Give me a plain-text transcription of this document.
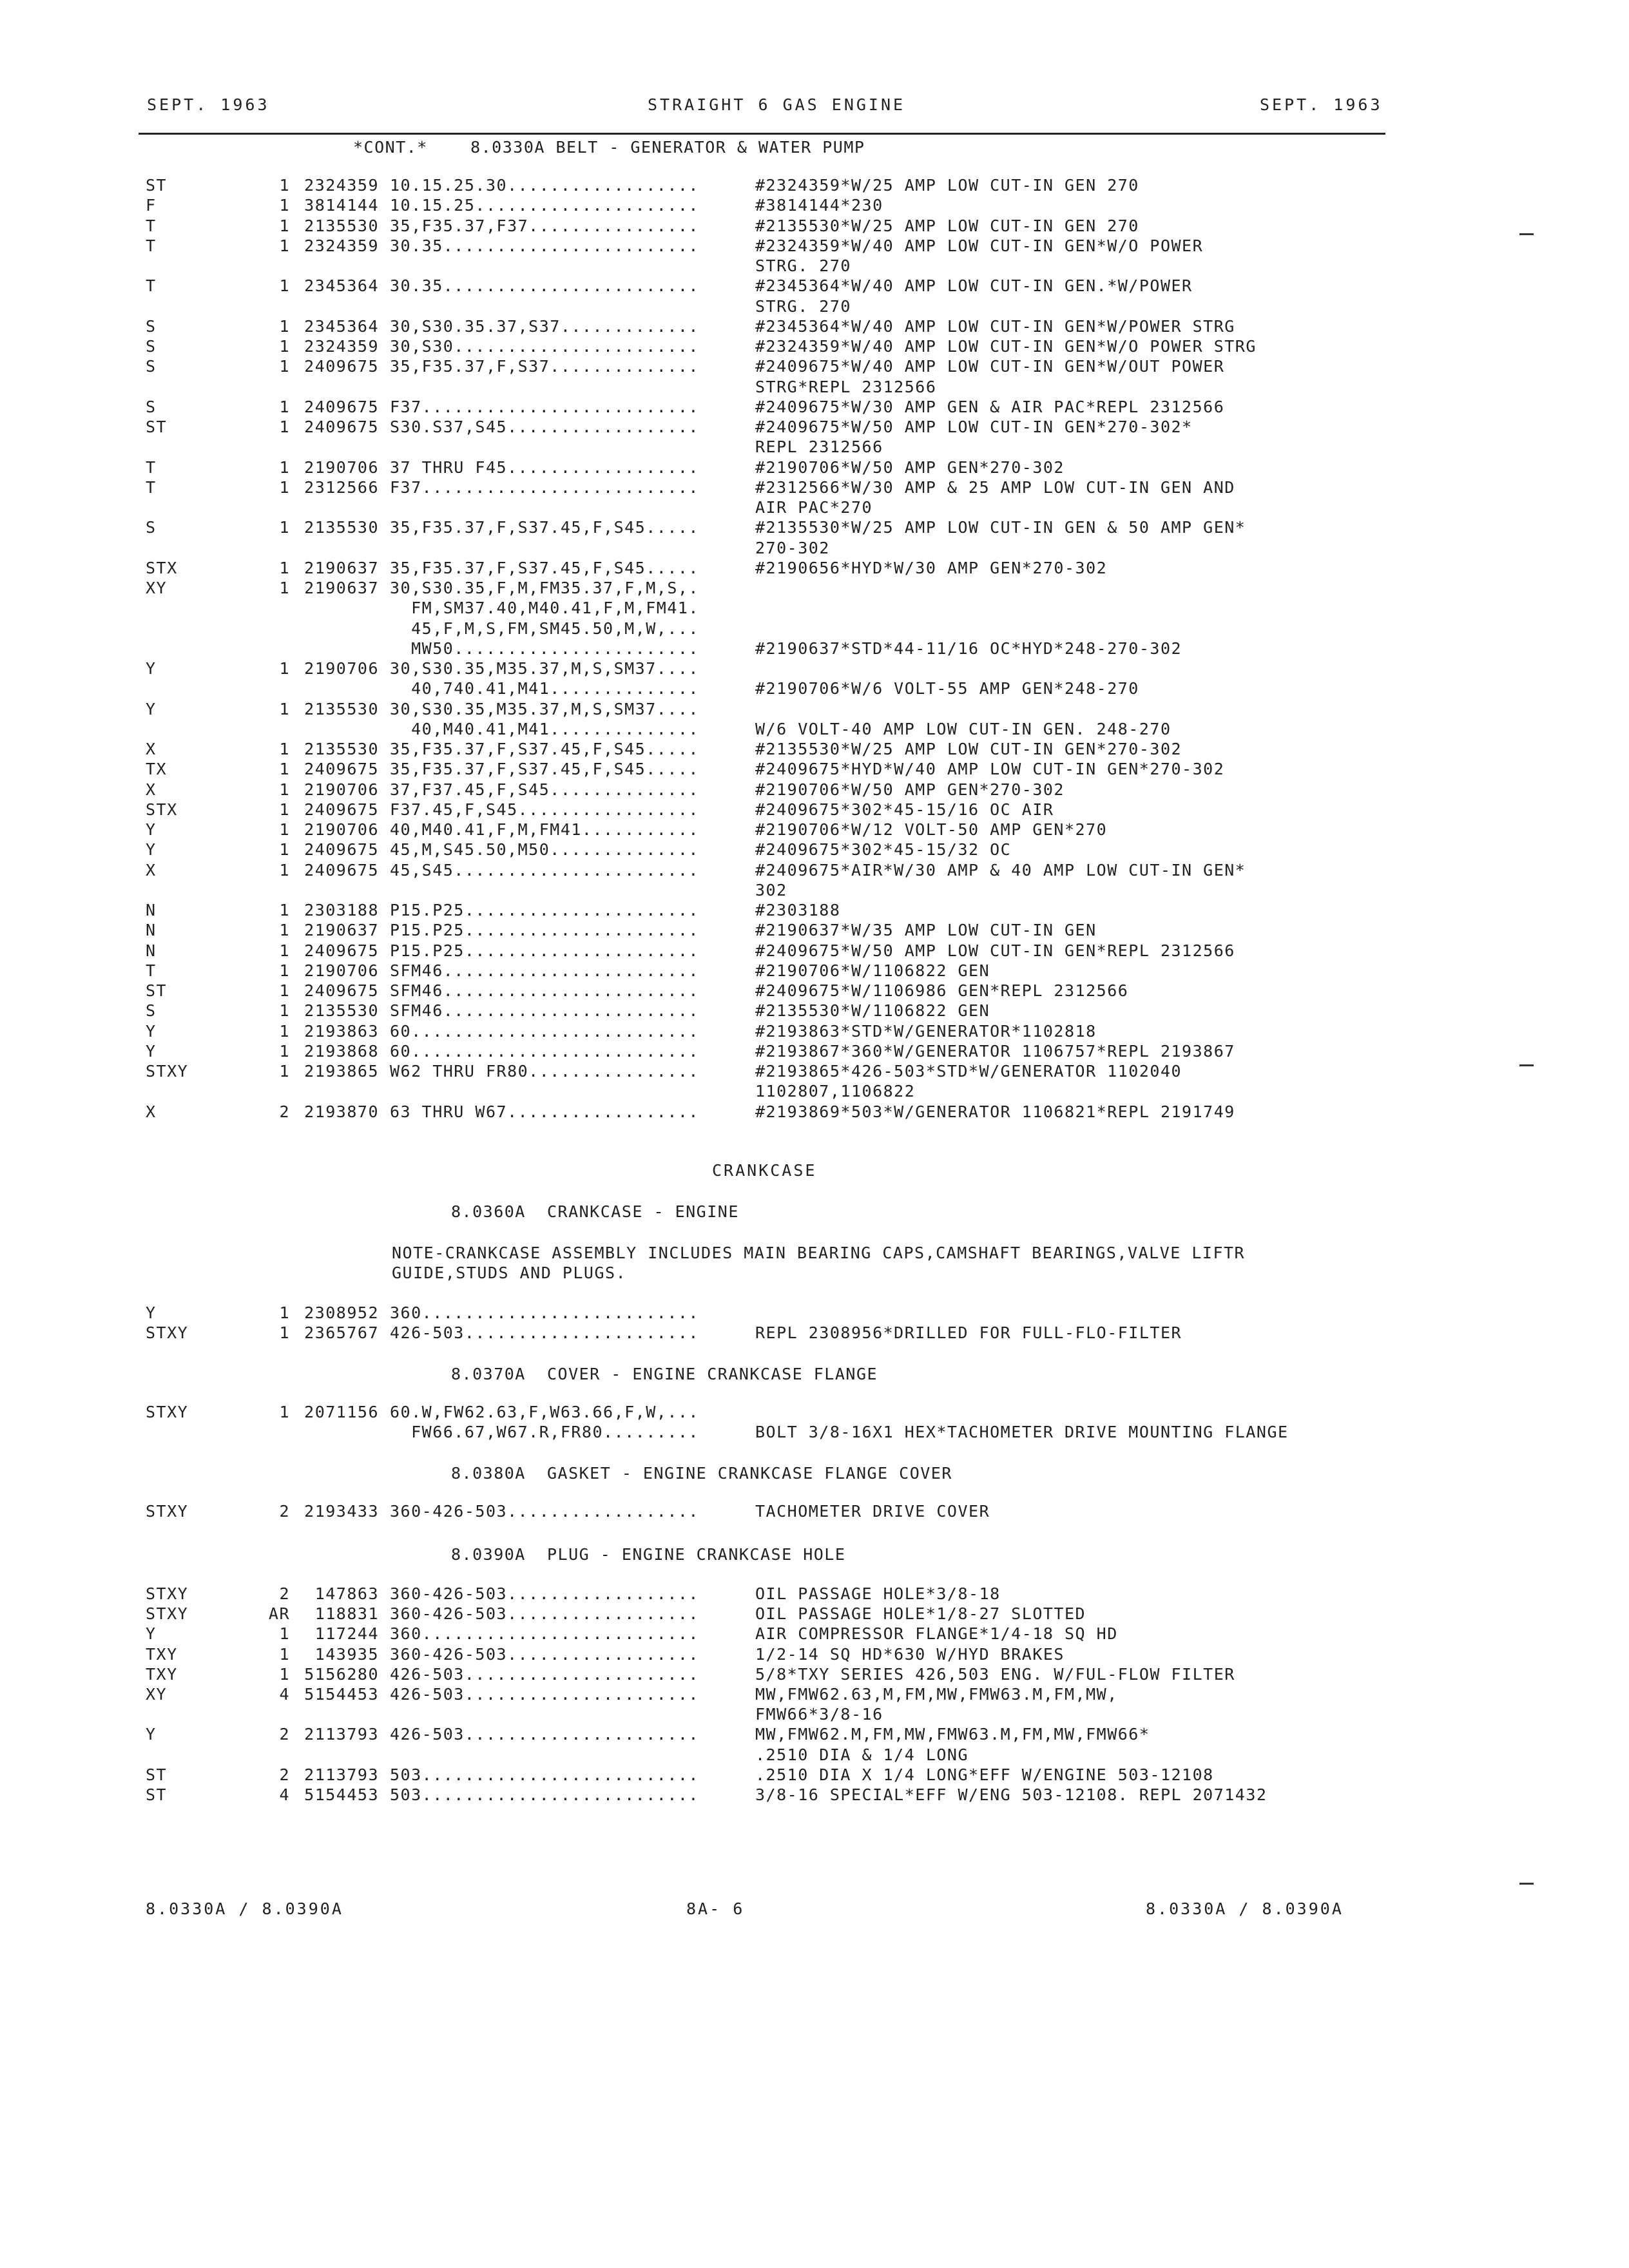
SEPT. 1963	STRAIGHT 6 GAS ENGINE	SEPT. 1963
*CONT.*    8.0330A BELT - GENERATOR & WATER PUMP
ST	1 2324359 10.15.25.30..................	#2324359*W/25 AMP LOW CUT-IN GEN 270
F	1 3814144 10.15.25.....................	#3814144*230
T	1 2135530 35,F35.37,F37................	#2135530*W/25 AMP LOW CUT-IN GEN 270
T	1 2324359 30.35........................	#2324359*W/40 AMP LOW CUT-IN GEN*W/O POWER
STRG. 270
T	1 2345364 30.35........................	#2345364*W/40 AMP LOW CUT-IN GEN.*W/POWER
STRG. 270
S	1 2345364 30,S30.35.37,S37.............	#2345364*W/40 AMP LOW CUT-IN GEN*W/POWER STRG
S	1 2324359 30,S30.......................	#2324359*W/40 AMP LOW CUT-IN GEN*W/O POWER STRG
S	1 2409675 35,F35.37,F,S37..............	#2409675*W/40 AMP LOW CUT-IN GEN*W/OUT POWER
STRG*REPL 2312566
S	1 2409675 F37..........................	#2409675*W/30 AMP GEN & AIR PAC*REPL 2312566
ST	1 2409675 S30.S37,S45..................	#2409675*W/50 AMP LOW CUT-IN GEN*270-302*
REPL 2312566
T	1 2190706 37 THRU F45..................	#2190706*W/50 AMP GEN*270-302
T	1 2312566 F37..........................	#2312566*W/30 AMP & 25 AMP LOW CUT-IN GEN AND
AIR PAC*270
S	1 2135530 35,F35.37,F,S37.45,F,S45.....	#2135530*W/25 AMP LOW CUT-IN GEN & 50 AMP GEN*
270-302
STX	1 2190637 35,F35.37,F,S37.45,F,S45.....	#2190656*HYD*W/30 AMP GEN*270-302
XY	1 2190637 30,S30.35,F,M,FM35.37,F,M,S,.
FM,SM37.40,M40.41,F,M,FM41.
45,F,M,S,FM,SM45.50,M,W,...
MW50.......................	#2190637*STD*44-11/16 OC*HYD*248-270-302
Y	1 2190706 30,S30.35,M35.37,M,S,SM37....
40,740.41,M41..............	#2190706*W/6 VOLT-55 AMP GEN*248-270
Y	1 2135530 30,S30.35,M35.37,M,S,SM37....
40,M40.41,M41..............	W/6 VOLT-40 AMP LOW CUT-IN GEN. 248-270
X	1 2135530 35,F35.37,F,S37.45,F,S45.....	#2135530*W/25 AMP LOW CUT-IN GEN*270-302
TX	1 2409675 35,F35.37,F,S37.45,F,S45.....	#2409675*HYD*W/40 AMP LOW CUT-IN GEN*270-302
X	1 2190706 37,F37.45,F,S45..............	#2190706*W/50 AMP GEN*270-302
STX	1 2409675 F37.45,F,S45.................	#2409675*302*45-15/16 OC AIR
Y	1 2190706 40,M40.41,F,M,FM41...........	#2190706*W/12 VOLT-50 AMP GEN*270
Y	1 2409675 45,M,S45.50,M50..............	#2409675*302*45-15/32 OC
X	1 2409675 45,S45.......................	#2409675*AIR*W/30 AMP & 40 AMP LOW CUT-IN GEN*
302
N	1 2303188 P15.P25......................	#2303188
N	1 2190637 P15.P25......................	#2190637*W/35 AMP LOW CUT-IN GEN
N	1 2409675 P15.P25......................	#2409675*W/50 AMP LOW CUT-IN GEN*REPL 2312566
T	1 2190706 SFM46........................	#2190706*W/1106822 GEN
ST	1 2409675 SFM46........................	#2409675*W/1106986 GEN*REPL 2312566
S	1 2135530 SFM46........................	#2135530*W/1106822 GEN
Y	1 2193863 60...........................	#2193863*STD*W/GENERATOR*1102818
Y	1 2193868 60...........................	#2193867*360*W/GENERATOR 1106757*REPL 2193867
STXY	1 2193865 W62 THRU FR80................	#2193865*426-503*STD*W/GENERATOR 1102040
1102807,1106822
X	2 2193870 63 THRU W67..................	#2193869*503*W/GENERATOR 1106821*REPL 2191749
CRANKCASE
8.0360A  CRANKCASE - ENGINE
NOTE-CRANKCASE ASSEMBLY INCLUDES MAIN BEARING CAPS,CAMSHAFT BEARINGS,VALVE LIFTR
GUIDE,STUDS AND PLUGS.
Y	1 2308952 360..........................
STXY	1 2365767 426-503......................	REPL 2308956*DRILLED FOR FULL-FLO-FILTER
8.0370A  COVER - ENGINE CRANKCASE FLANGE
STXY	1 2071156 60.W,FW62.63,F,W63.66,F,W,...
FW66.67,W67.R,FR80.........	BOLT 3/8-16X1 HEX*TACHOMETER DRIVE MOUNTING FLANGE
8.0380A  GASKET - ENGINE CRANKCASE FLANGE COVER
STXY	2 2193433 360-426-503..................	TACHOMETER DRIVE COVER
8.0390A  PLUG - ENGINE CRANKCASE HOLE
STXY	2	147863 360-426-503..................	OIL PASSAGE HOLE*3/8-18
STXY	AR	118831 360-426-503..................	OIL PASSAGE HOLE*1/8-27 SLOTTED
Y	1	117244 360..........................	AIR COMPRESSOR FLANGE*1/4-18 SQ HD
TXY	1	143935 360-426-503..................	1/2-14 SQ HD*630 W/HYD BRAKES
TXY	1 5156280 426-503......................	5/8*TXY SERIES 426,503 ENG. W/FUL-FLOW FILTER
XY	4 5154453 426-503......................	MW,FMW62.63,M,FM,MW,FMW63.M,FM,MW,
FMW66*3/8-16
Y	2 2113793 426-503......................	MW,FMW62.M,FM,MW,FMW63.M,FM,MW,FMW66*
.2510 DIA & 1/4 LONG
ST	2 2113793 503..........................	.2510 DIA X 1/4 LONG*EFF W/ENGINE 503-12108
ST	4 5154453 503..........................	3/8-16 SPECIAL*EFF W/ENG 503-12108. REPL 2071432
8.0330A / 8.0390A	8A- 6	8.0330A / 8.0390A
